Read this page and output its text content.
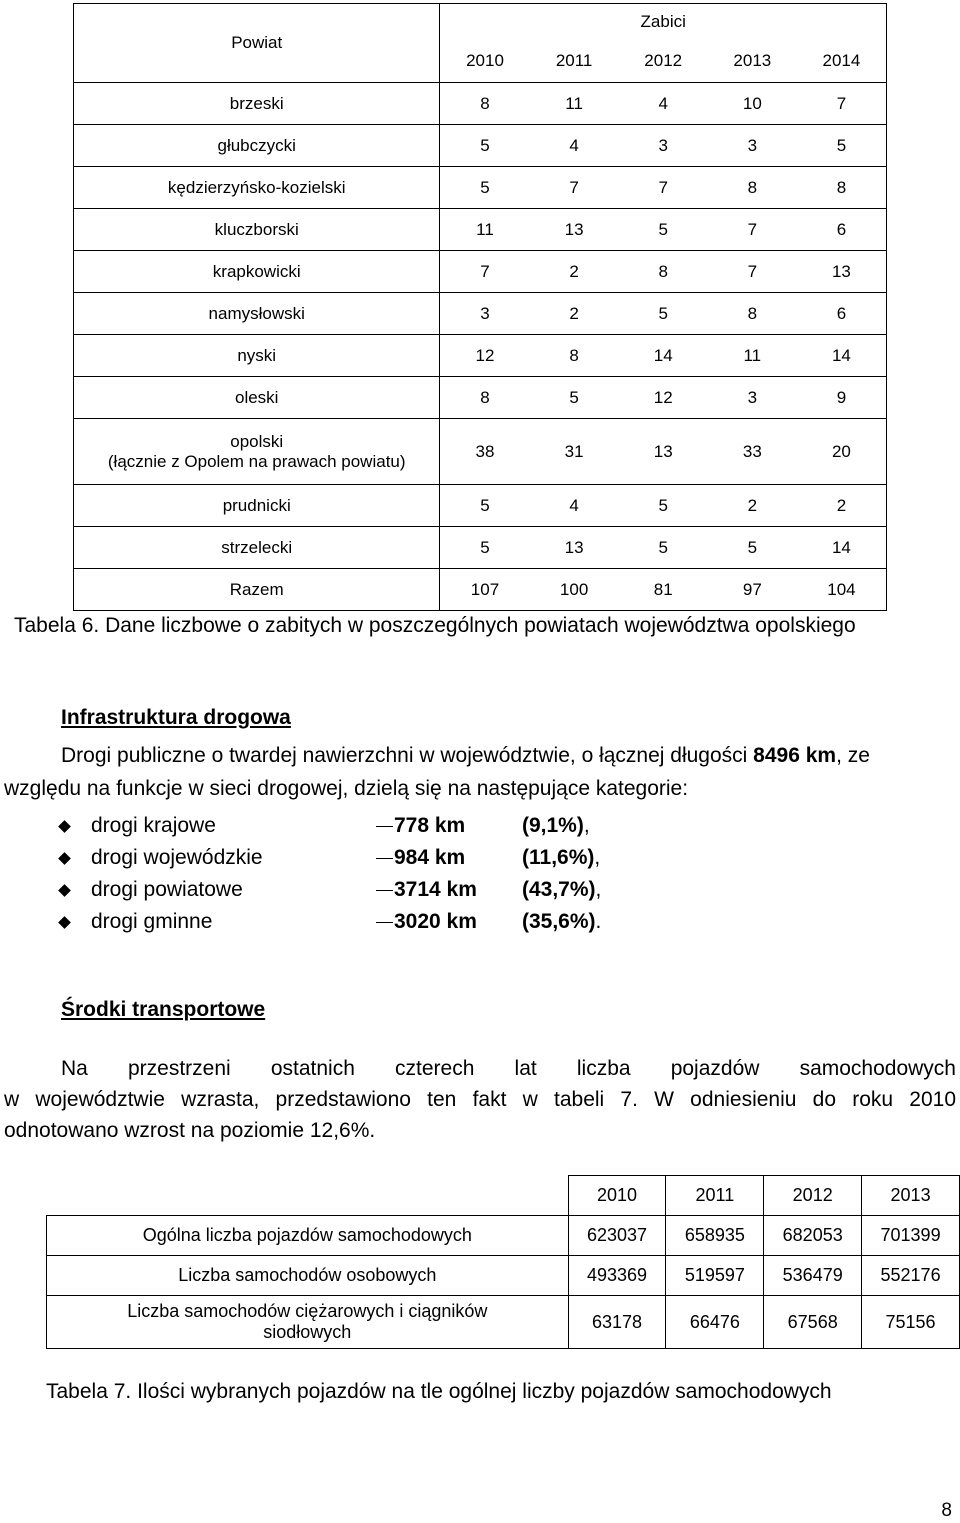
Powiat	Zabici				
	2010	2011	2012	2013	2014

brzeski	8	11	4	10	7

głubczycki	5	4	3	3	5

kędzierzyńsko-kozielski	5	7	7	8	8

kluczborski	11	13	5	7	6

krapkowicki	7	2	8	7	13

namysłowski	3	2	5	8	6

nyski	12	8	14	11	14

oleski	8	5	12	3	9

opolski
(łącznie z Opolem na prawach powiatu)	38	31	13	33	20

prudnicki	5	4	5	2	2

strzelecki	5	13	5	5	14

Razem	107	100	81	97	104
Tabela 6. Dane liczbowe o zabitych w poszczególnych powiatach województwa opolskiego
Infrastruktura drogowa
Drogi publiczne o twardej nawierzchni w województwie, o łącznej długości 8496 km, ze
względu na funkcje w sieci drogowej, dzielą się na następujące kategorie:
drogi krajowe	778 km	(9,1%),
drogi wojewódzkie	984 km	(11,6%),
drogi powiatowe	3714 km (43,7%),
drogi gminne	3020 km (35,6%).
Środki transportowe
Na przestrzeni ostatnich czterech lat liczba pojazdów samochodowych
w województwie wzrasta, przedstawiono ten fakt w tabeli 7. W odniesieniu do roku 2010
odnotowano wzrost na poziomie 12,6%.
	2010	2011	2012	2013
Ogólna liczba pojazdów samochodowych	623037	658935	682053	701399
Liczba samochodów osobowych	493369	519597	536479	552176
Liczba samochodów ciężarowych i ciągników siodłowych	63178	66476	67568	75156
Tabela 7. Ilości wybranych pojazdów na tle ogólnej liczby pojazdów samochodowych
8
